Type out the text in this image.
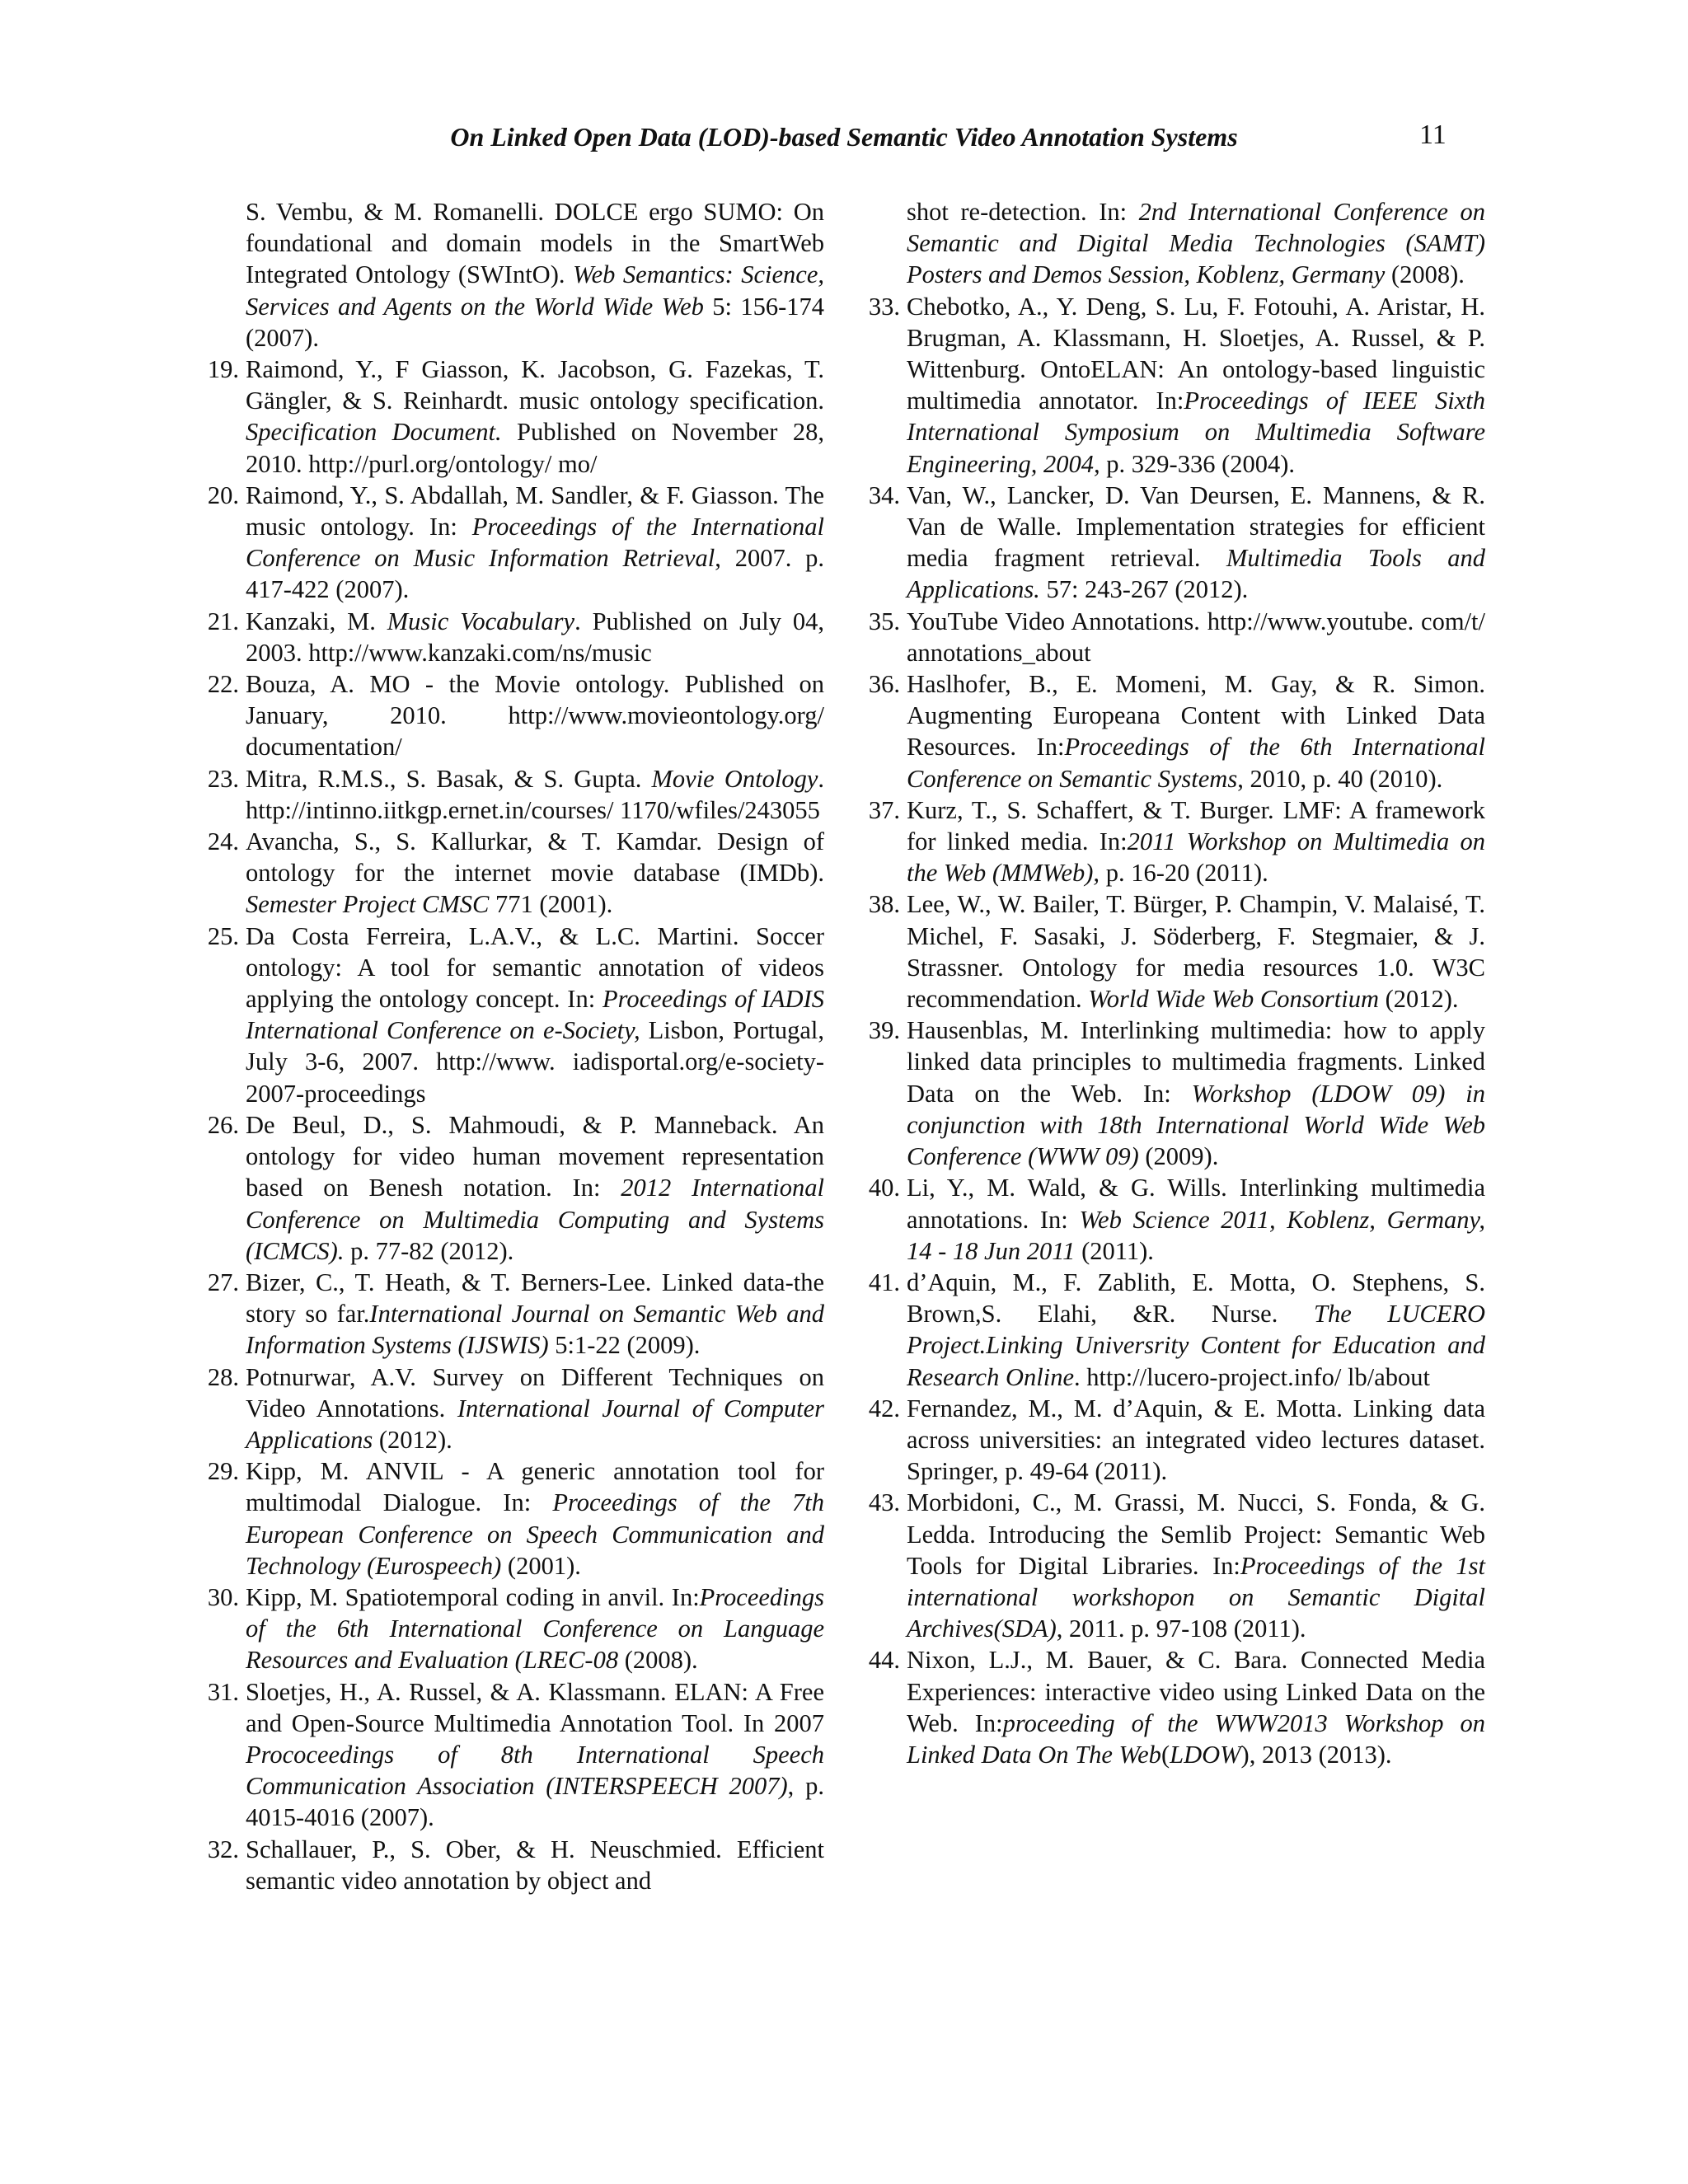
On Linked Open Data (LOD)-based Semantic Video Annotation Systems	11

S. Vembu, & M. Romanelli. DOLCE ergo SUMO: On foundational and domain models in the SmartWeb Integrated Ontology (SWIntO). Web Semantics: Science, Services and Agents on the World Wide Web 5: 156-174 (2007).

19. Raimond, Y., F Giasson, K. Jacobson, G. Fazekas, T. Gängler, & S. Reinhardt. music ontology specification. Specification Document. Published on November 28, 2010. http://purl.org/ontology/ mo/

20. Raimond, Y., S. Abdallah, M. Sandler, & F. Giasson. The music ontology. In: Proceedings of the International Conference on Music Information Retrieval, 2007. p. 417-422 (2007).

21. Kanzaki, M. Music Vocabulary. Published on July 04, 2003. http://www.kanzaki.com/ns/music

22. Bouza, A. MO - the Movie ontology. Published on January, 2010. http://www.movieontology.org/ documentation/

23. Mitra, R.M.S., S. Basak, & S. Gupta. Movie Ontology. http://intinno.iitkgp.ernet.in/courses/ 1170/wfiles/243055

24. Avancha, S., S. Kallurkar, & T. Kamdar. Design of ontology for the internet movie database (IMDb). Semester Project CMSC 771 (2001).

25. Da Costa Ferreira, L.A.V., & L.C. Martini. Soccer ontology: A tool for semantic annotation of videos applying the ontology concept. In: Proceedings of IADIS International Conference on e-Society, Lisbon, Portugal, July 3-6, 2007. http://www. iadisportal.org/e-society-2007-proceedings

26. De Beul, D., S. Mahmoudi, & P. Manneback. An ontology for video human movement representation based on Benesh notation. In: 2012 International Conference on Multimedia Computing and Systems (ICMCS). p. 77-82 (2012).

27. Bizer, C., T. Heath, & T. Berners-Lee. Linked data-the story so far.International Journal on Semantic Web and Information Systems (IJSWIS) 5:1-22 (2009).

28. Potnurwar, A.V. Survey on Different Techniques on Video Annotations. International Journal of Computer Applications (2012).

29. Kipp, M. ANVIL - A generic annotation tool for multimodal Dialogue. In: Proceedings of the 7th European Conference on Speech Communication and Technology (Eurospeech) (2001).

30. Kipp, M. Spatiotemporal coding in anvil. In:Proceedings of the 6th International Conference on Language Resources and Evaluation (LREC-08 (2008).

31. Sloetjes, H., A. Russel, & A. Klassmann. ELAN: A Free and Open-Source Multimedia Annotation Tool. In 2007 Prococeedings of 8th International Speech Communication Association (INTERSPEECH 2007), p. 4015-4016 (2007).

32. Schallauer, P., S. Ober, & H. Neuschmied. Efficient semantic video annotation by object and

shot re-detection. In: 2nd International Conference on Semantic and Digital Media Technologies (SAMT) Posters and Demos Session, Koblenz, Germany (2008).

33. Chebotko, A., Y. Deng, S. Lu, F. Fotouhi, A. Aristar, H. Brugman, A. Klassmann, H. Sloetjes, A. Russel, & P. Wittenburg. OntoELAN: An ontology-based linguistic multimedia annotator. In:Proceedings of IEEE Sixth International Symposium on Multimedia Software Engineering, 2004, p. 329-336 (2004).

34. Van, W., Lancker, D. Van Deursen, E. Mannens, & R. Van de Walle. Implementation strategies for efficient media fragment retrieval. Multimedia Tools and Applications. 57: 243-267 (2012).

35. YouTube Video Annotations. http://www.youtube. com/t/ annotations_about

36. Haslhofer, B., E. Momeni, M. Gay, & R. Simon. Augmenting Europeana Content with Linked Data Resources. In:Proceedings of the 6th International Conference on Semantic Systems, 2010, p. 40 (2010).

37. Kurz, T., S. Schaffert, & T. Burger. LMF: A framework for linked media. In:2011 Workshop on Multimedia on the Web (MMWeb), p. 16-20 (2011).

38. Lee, W., W. Bailer, T. Bürger, P. Champin, V. Malaisé, T. Michel, F. Sasaki, J. Söderberg, F. Stegmaier, & J. Strassner. Ontology for media resources 1.0. W3C recommendation. World Wide Web Consortium (2012).

39. Hausenblas, M. Interlinking multimedia: how to apply linked data principles to multimedia fragments. Linked Data on the Web. In: Workshop (LDOW 09) in conjunction with 18th International World Wide Web Conference (WWW 09) (2009).

40. Li, Y., M. Wald, & G. Wills. Interlinking multimedia annotations. In: Web Science 2011, Koblenz, Germany, 14 - 18 Jun 2011 (2011).

41. d’Aquin, M., F. Zablith, E. Motta, O. Stephens, S. Brown,S. Elahi, &R. Nurse. The LUCERO Project.Linking Universrity Content for Education and Research Online. http://lucero-project.info/ lb/about

42. Fernandez, M., M. d’Aquin, & E. Motta. Linking data across universities: an integrated video lectures dataset. Springer, p. 49-64 (2011).

43. Morbidoni, C., M. Grassi, M. Nucci, S. Fonda, & G. Ledda. Introducing the Semlib Project: Semantic Web Tools for Digital Libraries. In:Proceedings of the 1st international workshopon on Semantic Digital Archives(SDA), 2011. p. 97-108 (2011).

44. Nixon, L.J., M. Bauer, & C. Bara. Connected Media Experiences: interactive video using Linked Data on the Web. In:proceeding of the WWW2013 Workshop on Linked Data On The Web(LDOW), 2013 (2013).
